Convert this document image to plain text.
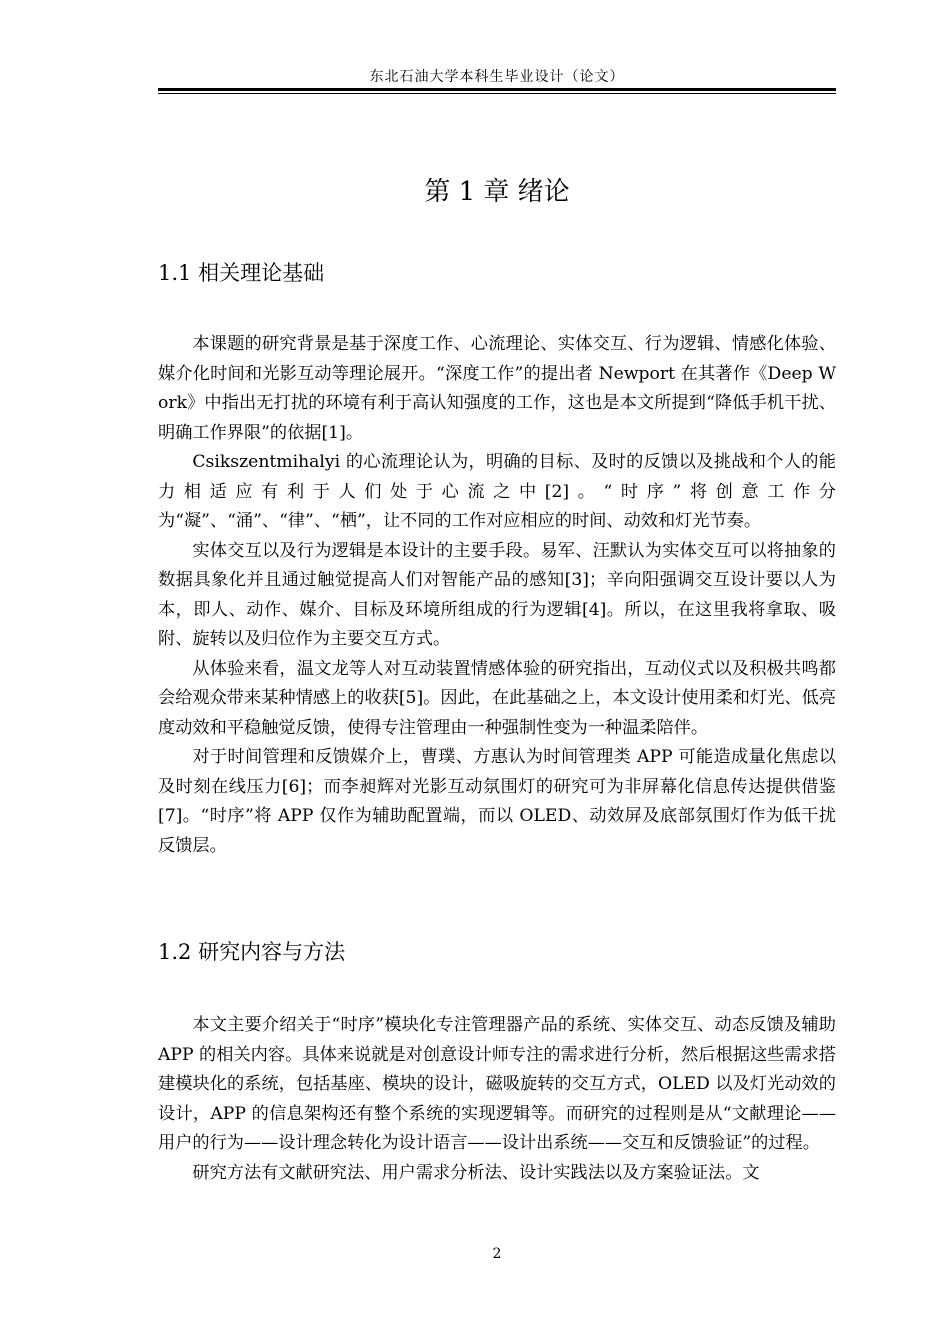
东北石油大学本科生毕业设计（论文）
第 1 章 绪论
1.1 相关理论基础

本课题的研究背景是基于深度工作、心流理论、实体交互、行为逻辑、情感化体验、媒介化时间和光影互动等理论展开。“深度工作”的提出者 Newport 在其著作《Deep Work》中指出无打扰的环境有利于高认知强度的工作，这也是本文所提到“降低手机干扰、明确工作界限”的依据[1]。

Csikszentmihalyi 的心流理论认为，明确的目标、及时的反馈以及挑战和个人的能力相适应有利于人们处于心流之中[2]。“时序”将创意工作分为“凝”、“涌”、“律”、“栖”，让不同的工作对应相应的时间、动效和灯光节奏。

实体交互以及行为逻辑是本设计的主要手段。易军、汪默认为实体交互可以将抽象的数据具象化并且通过触觉提高人们对智能产品的感知[3]；辛向阳强调交互设计要以人为本，即人、动作、媒介、目标及环境所组成的行为逻辑[4]。所以，在这里我将拿取、吸附、旋转以及归位作为主要交互方式。

从体验来看，温文龙等人对互动装置情感体验的研究指出，互动仪式以及积极共鸣都会给观众带来某种情感上的收获[5]。因此，在此基础之上，本文设计使用柔和灯光、低亮度动效和平稳触觉反馈，使得专注管理由一种强制性变为一种温柔陪伴。

对于时间管理和反馈媒介上，曹璞、方惠认为时间管理类 APP 可能造成量化焦虑以及时刻在线压力[6]；而李昶辉对光影互动氛围灯的研究可为非屏幕化信息传达提供借鉴[7]。“时序”将 APP 仅作为辅助配置端，而以 OLED、动效屏及底部氛围灯作为低干扰反馈层。

1.2 研究内容与方法

本文主要介绍关于“时序”模块化专注管理器产品的系统、实体交互、动态反馈及辅助 APP 的相关内容。具体来说就是对创意设计师专注的需求进行分析，然后根据这些需求搭建模块化的系统，包括基座、模块的设计，磁吸旋转的交互方式，OLED 以及灯光动效的设计，APP 的信息架构还有整个系统的实现逻辑等。而研究的过程则是从“文献理论——用户的行为——设计理念转化为设计语言——设计出系统——交互和反馈验证”的过程。

研究方法有文献研究法、用户需求分析法、设计实践法以及方案验证法。文

2
